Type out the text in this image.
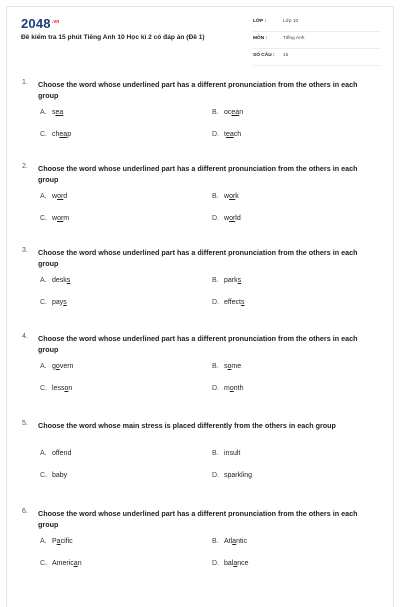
$2048^{.vn}$
Đề kiểm tra 15 phút Tiếng Anh 10 Học kì 2 có đáp án (Đề 1)
LỚP :	Lớp 10
MÔN :	Tiếng Anh
SỐ CÂU : 15
1. Choose the word whose underlined part has a different pronunciation from the others in each group
A. sea	B. ocean
C. cheap	D. teach
2. Choose the word whose underlined part has a different pronunciation from the others in each group
A. word	B. work
C. worm	D. world
3. Choose the word whose underlined part has a different pronunciation from the others in each group
A. desks	B. parks
C. pays	D. effects
4. Choose the word whose underlined part has a different pronunciation from the others in each group
A. govern	B. some
C. lesson	D. month
5. Choose the word whose main stress is placed differently from the others in each group
A. offend	B. insult
C. baby	D. sparkling
6. Choose the word whose underlined part has a different pronunciation from the others in each group
A. Pacific	B. Atlantic
C. American	D. balance
